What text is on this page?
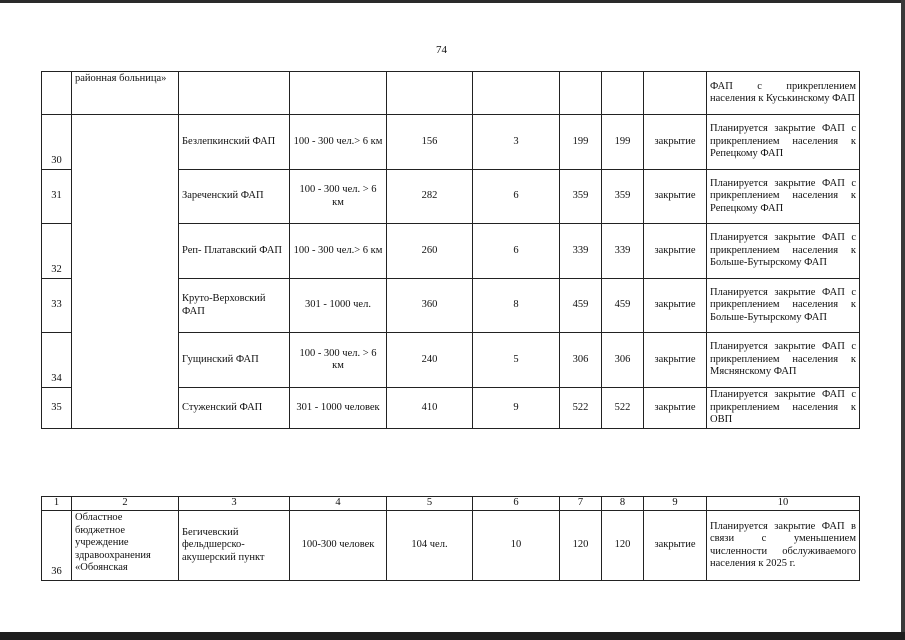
74
	районная больница»								ФАП с прикреплением населения к Куськинскому ФАП
30		Безлепкинский ФАП	100 - 300 чел.> 6 км	156	3	199	199	закрытие	Планируется закрытие ФАП с прикреплением населения к Репецкому ФАП
31		Зареченский ФАП	100 - 300 чел. > 6 км	282	6	359	359	закрытие	Планируется закрытие ФАП с прикреплением населения к Репецкому ФАП
32		Реп- Платавский ФАП	100 - 300 чел.> 6 км	260	6	339	339	закрытие	Планируется закрытие ФАП с прикреплением населения к Больше-Бутырскому ФАП
33		Круто-Верховский ФАП	301 - 1000 чел.	360	8	459	459	закрытие	Планируется закрытие ФАП с прикреплением населения к Больше-Бутырскому ФАП
34		Гущинский ФАП	100 - 300 чел. > 6 км	240	5	306	306	закрытие	Планируется закрытие ФАП с прикреплением населения к Мяснянскому ФАП
35		Стуженский ФАП	301 - 1000 человек	410	9	522	522	закрытие	Планируется закрытие ФАП с прикреплением населения к ОВП
1	2	3	4	5	6	7	8	9	10
36	Областное бюджетное учреждение здравоохранения «Обоянская	Бегичевский фельдшерско-акушерский пункт	100-300 человек	104 чел.	10	120	120	закрытие	Планируется закрытие ФАП в связи с уменьшением численности обслуживаемого населения к 2025 г.
